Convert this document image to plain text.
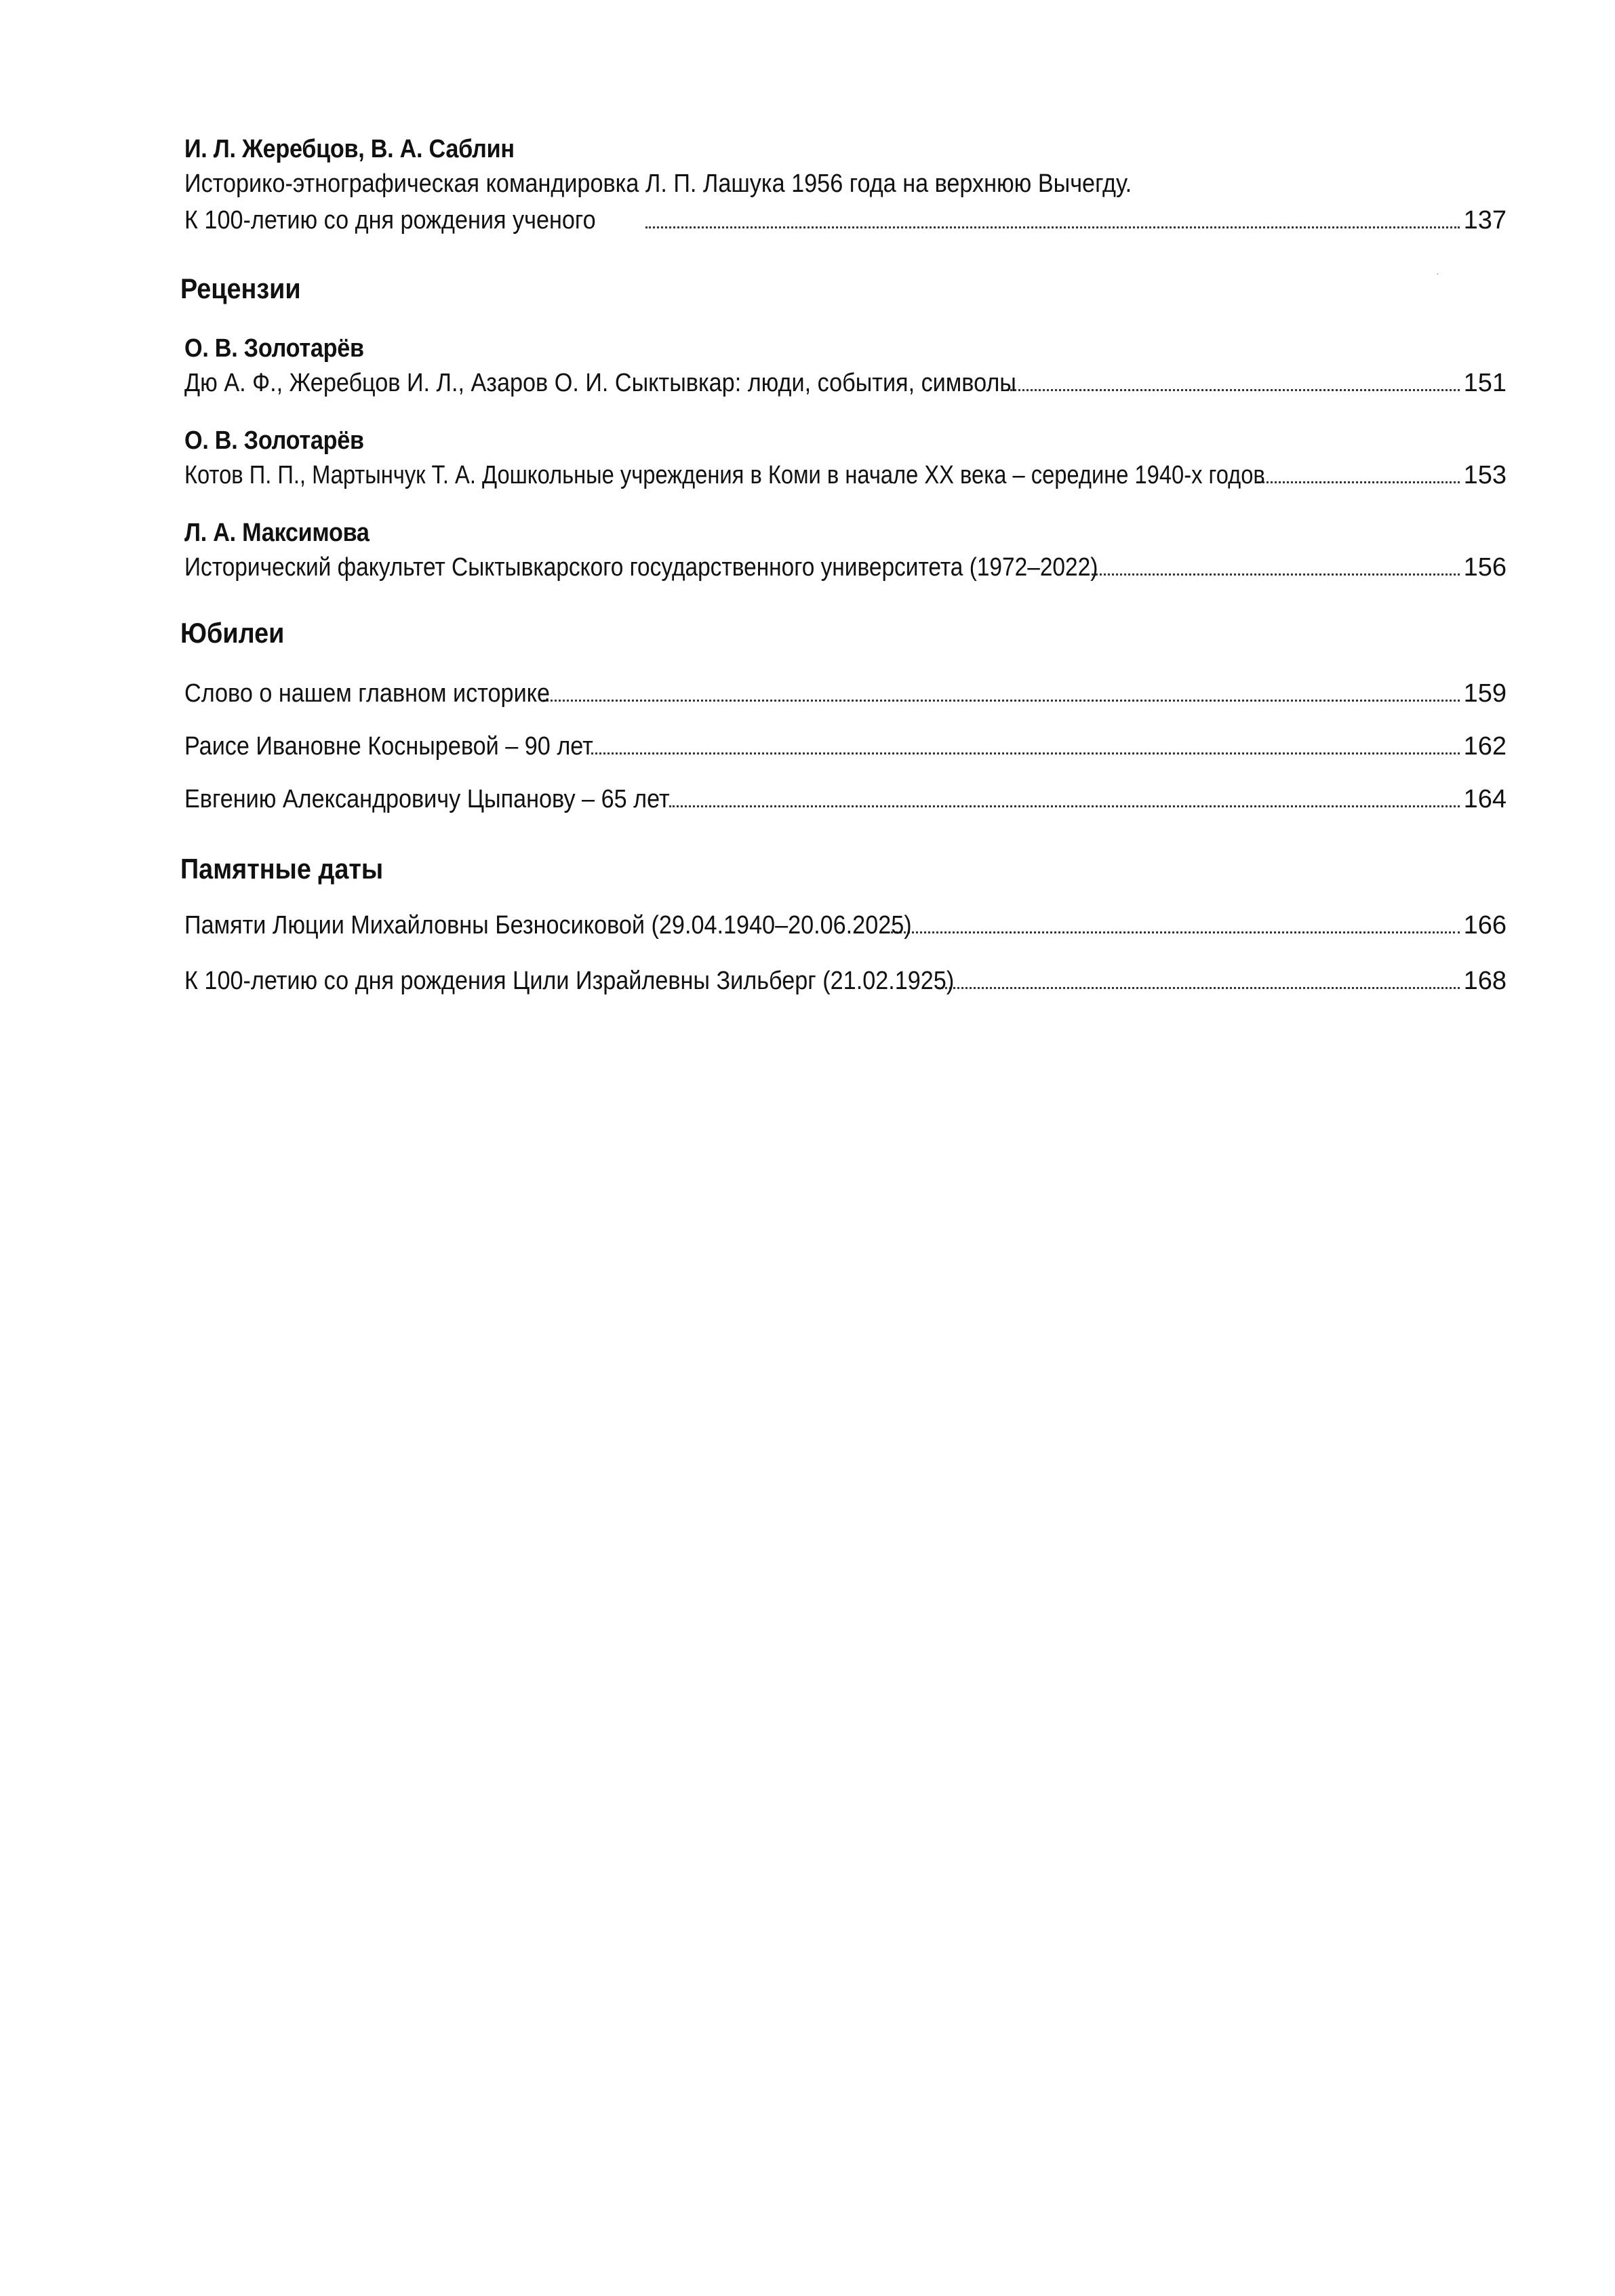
И. Л. Жеребцов, В. А. Саблин
Историко-этнографическая командировка Л. П. Лашука 1956 года на верхнюю Вычегду.
К 100-летию со дня рождения ученого	137
·
Рецензии
О. В. Золотарёв
Дю А. Ф., Жеребцов И. Л., Азаров О. И. Сыктывкар: люди, события, символы	151
О. В. Золотарёв
Котов П. П., Мартынчук Т. А. Дошкольные учреждения в Коми в начале XX века – середине 1940-х годов	153
Л. А. Максимова
Исторический факультет Сыктывкарского государственного университета (1972–2022)	156
Юбилеи
Слово о нашем главном историке	159
Раисе Ивановне Коснырeвой – 90 лет	162
Евгению Александровичу Цыпанову – 65 лет	164
Памятные даты
Памяти Люции Михайловны Безносиковой (29.04.1940–20.06.2025)	166
К 100-летию со дня рождения Цили Израйлевны Зильберг (21.02.1925)	168
